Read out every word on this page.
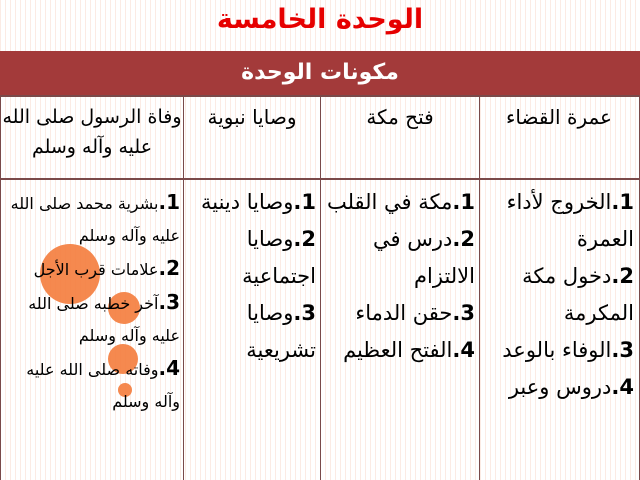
الوحدة الخامسة
مكونات الوحدة
عمرة القضاء
فتح مكة
وصايا نبوية
وفاة الرسول صلى الله عليه وآله وسلم
1.الخروج لأداء العمرة
2.دخول مكة المكرمة
3.الوفاء بالوعد
4.دروس وعبر
1.مكة في القلب
2.درس في الالتزام
3.حقن الدماء
4.الفتح العظيم
1.وصايا دينية
2.وصايا اجتماعية
3.وصايا تشريعية
1.بشرية محمد صلى الله عليه وآله وسلم
2.علامات قرب الأجل
3.آخر خطبه صلى الله عليه وآله وسلم
4.وفاته صلى الله عليه وآله وسلم
